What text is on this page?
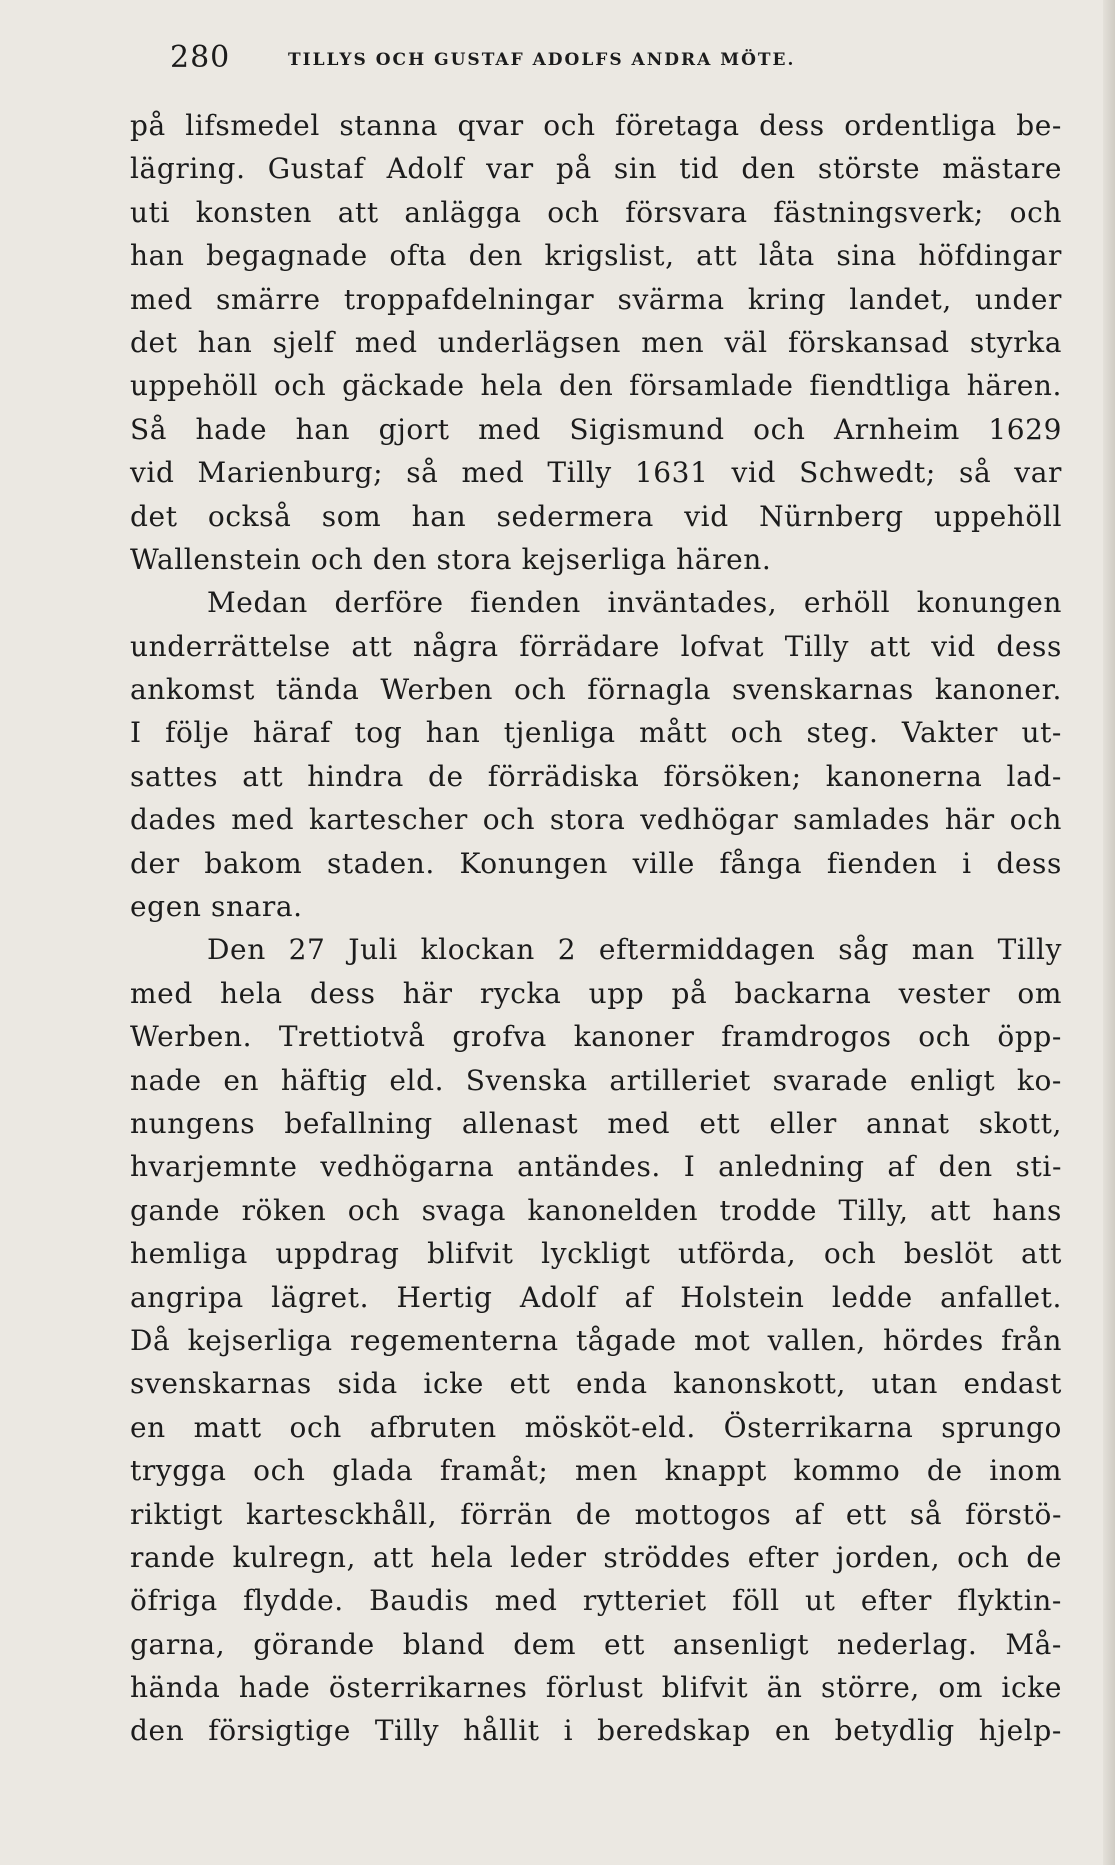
280	TILLYS OCH GUSTAF ADOLFS ANDRA MÖTE.
på lifsmedel stanna qvar och företaga dess ordentliga be-
lägring. Gustaf Adolf var på sin tid den störste mästare
uti konsten att anlägga och försvara fästningsverk; och
han begagnade ofta den krigslist, att låta sina höfdingar
med smärre troppafdelningar svärma kring landet, under
det han sjelf med underlägsen men väl förskansad styrka
uppehöll och gäckade hela den församlade fiendtliga hären.
Så hade han gjort med Sigismund och Arnheim 1629
vid Marienburg; så med Tilly 1631 vid Schwedt; så var
det också som han sedermera vid Nürnberg uppehöll
Wallenstein och den stora kejserliga hären.
Medan derföre fienden inväntades, erhöll konungen
underrättelse att några förrädare lofvat Tilly att vid dess
ankomst tända Werben och förnagla svenskarnas kanoner.
I följe häraf tog han tjenliga mått och steg. Vakter ut-
sattes att hindra de förrädiska försöken; kanonerna lad-
dades med kartescher och stora vedhögar samlades här och
der bakom staden. Konungen ville fånga fienden i dess
egen snara.
Den 27 Juli klockan 2 eftermiddagen såg man Tilly
med hela dess här rycka upp på backarna vester om
Werben. Trettiotvå grofva kanoner framdrogos och öpp-
nade en häftig eld. Svenska artilleriet svarade enligt ko-
nungens befallning allenast med ett eller annat skott,
hvarjemnte vedhögarna antändes. I anledning af den sti-
gande röken och svaga kanonelden trodde Tilly, att hans
hemliga uppdrag blifvit lyckligt utförda, och beslöt att
angripa lägret. Hertig Adolf af Holstein ledde anfallet.
Då kejserliga regementerna tågade mot vallen, hördes från
svenskarnas sida icke ett enda kanonskott, utan endast
en matt och afbruten mösköt-eld. Österrikarna sprungo
trygga och glada framåt; men knappt kommo de inom
riktigt kartesckhåll, förrän de mottogos af ett så förstö-
rande kulregn, att hela leder ströddes efter jorden, och de
öfriga flydde. Baudis med rytteriet föll ut efter flyktin-
garna, görande bland dem ett ansenligt nederlag. Må-
hända hade österrikarnes förlust blifvit än större, om icke
den försigtige Tilly hållit i beredskap en betydlig hjelp-
